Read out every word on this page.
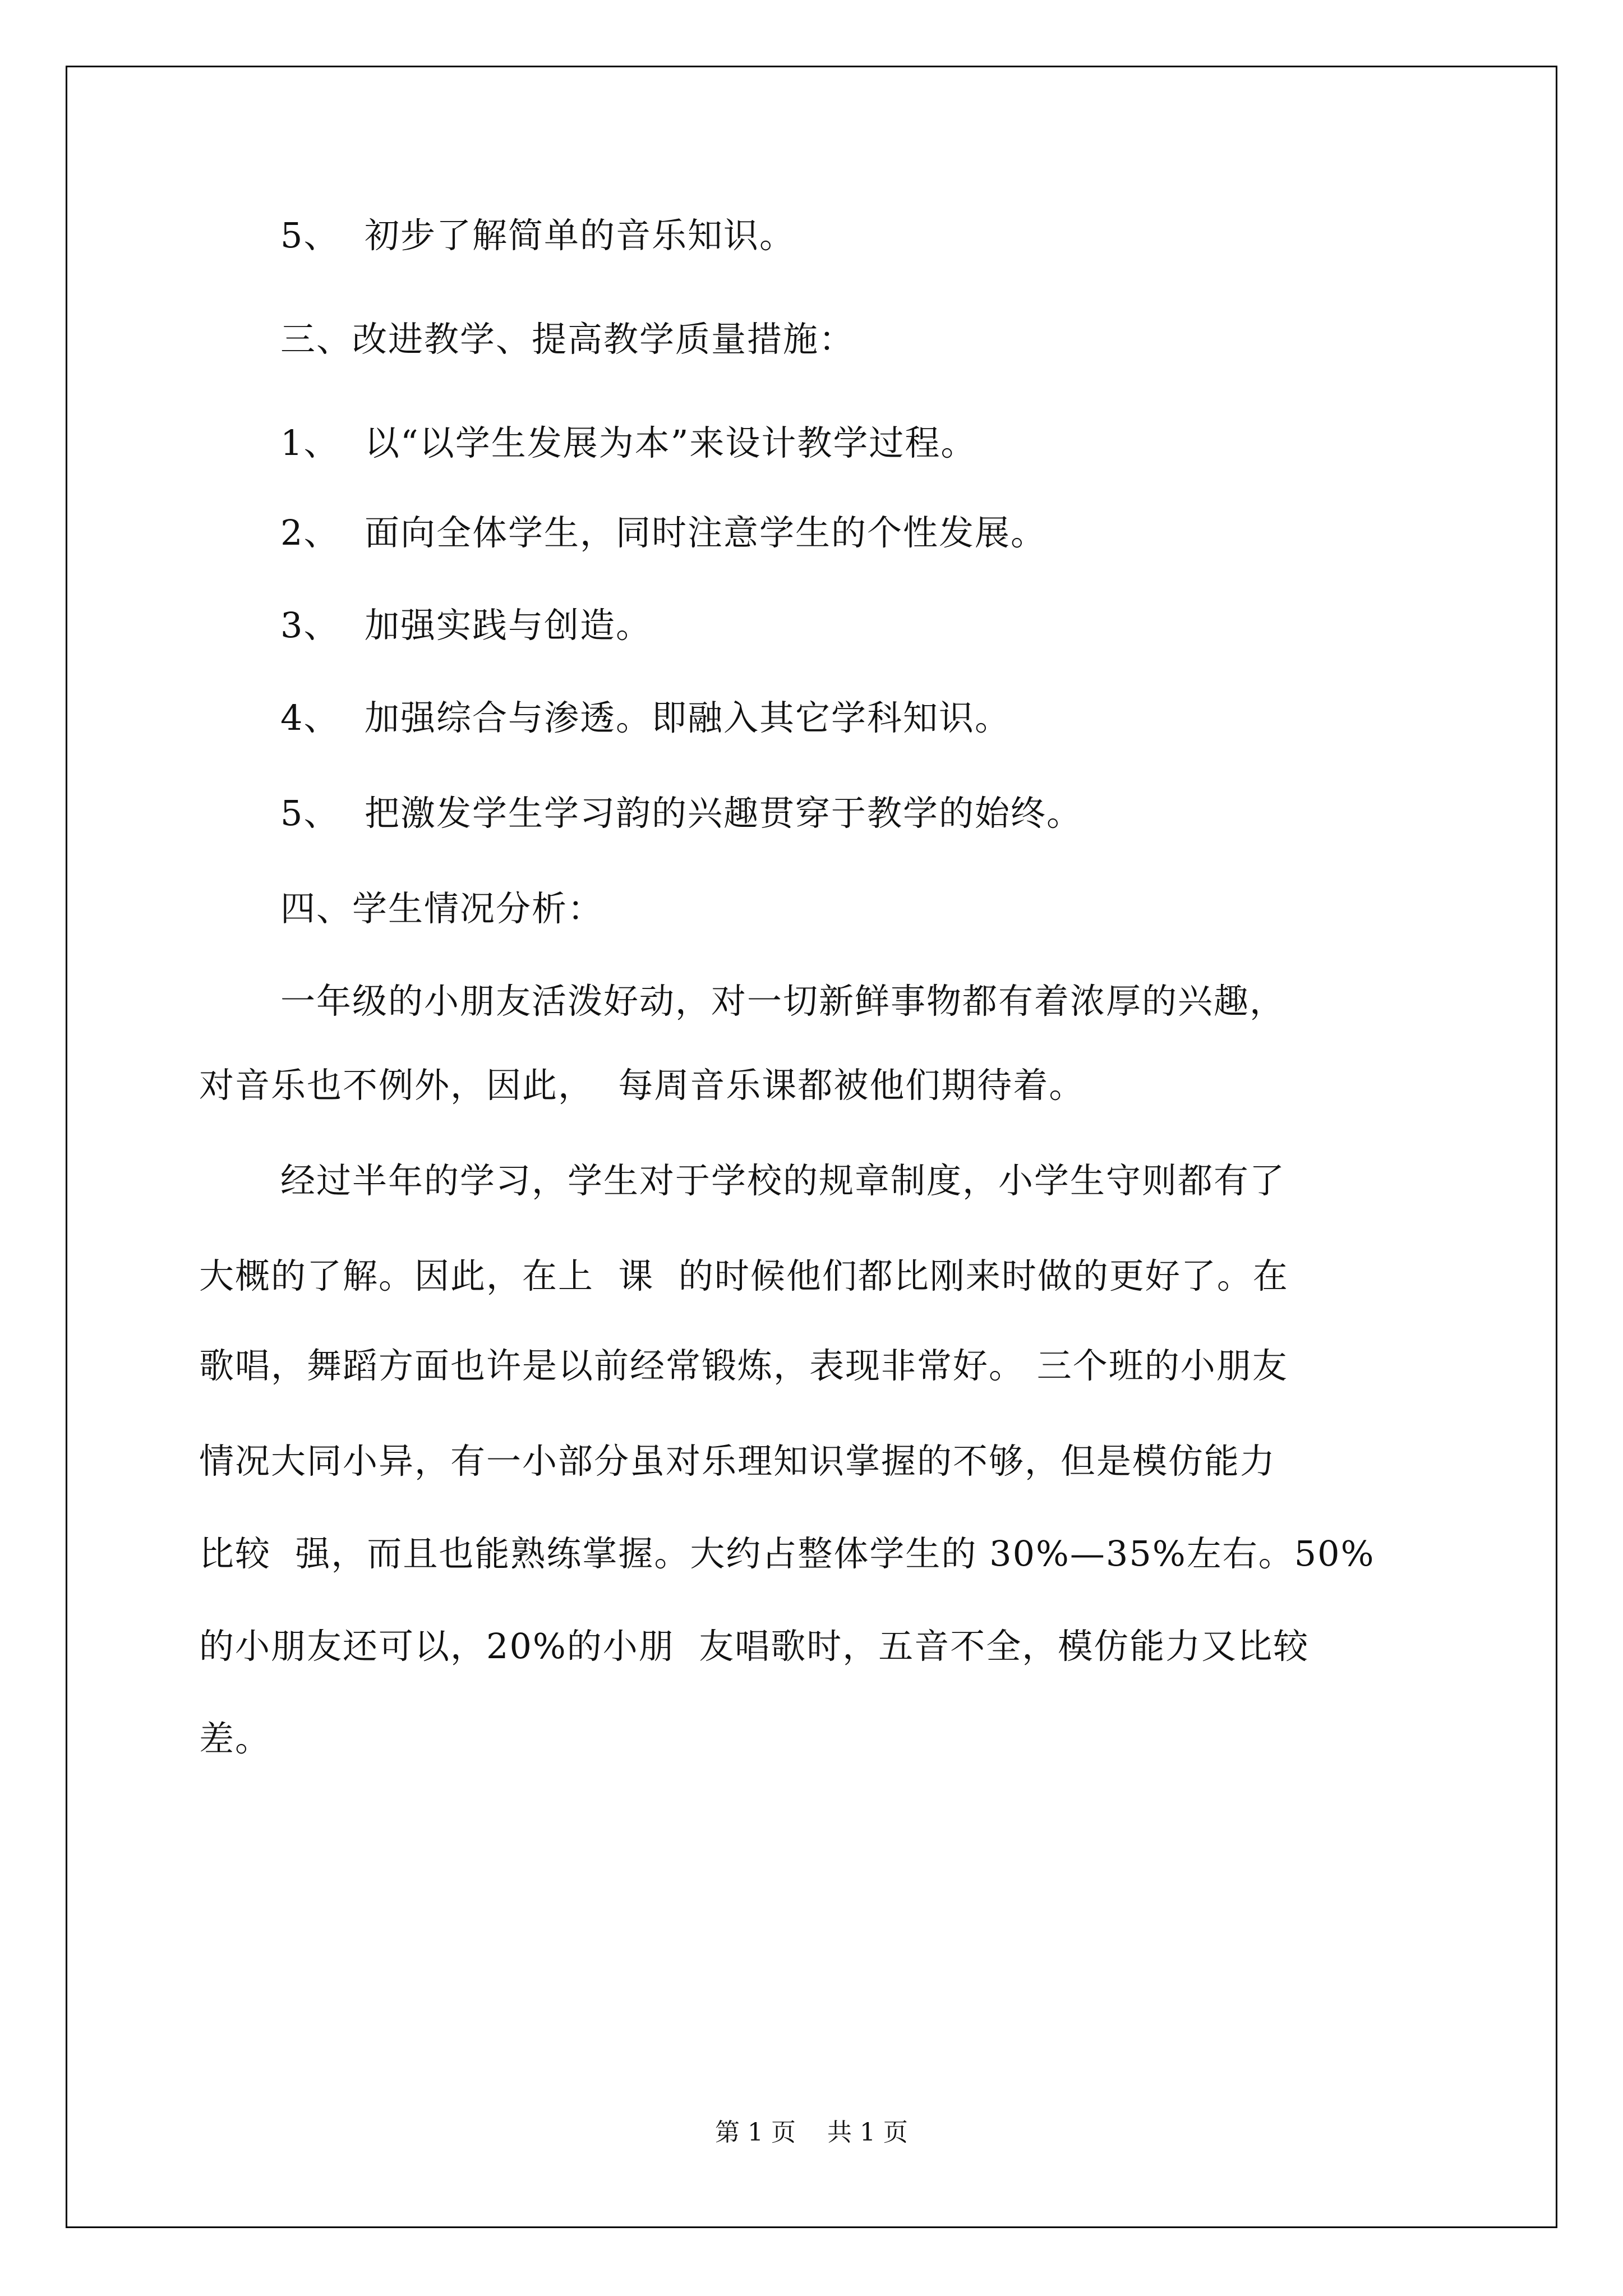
5、 初步了解简单的音乐知识。

三、改进教学、提高教学质量措施：

1、 以“以学生发展为本”来设计教学过程。

2、 面向全体学生，同时注意学生的个性发展。

3、 加强实践与创造。

4、 加强综合与渗透。即融入其它学科知识。

5、 把激发学生学习韵的兴趣贯穿于教学的始终。

四、学生情况分析：

一年级的小朋友活泼好动，对一切新鲜事物都有着浓厚的兴趣，

对音乐也不例外，因此，  每周音乐课都被他们期待着。

经过半年的学习，学生对于学校的规章制度，小学生守则都有了

大概的了解。因此，在上  课  的时候他们都比刚来时做的更好了。在

歌唱，舞蹈方面也许是以前经常锻炼，表现非常好。 三个班的小朋友

情况大同小异，有一小部分虽对乐理知识掌握的不够，但是模仿能力

比较  强，而且也能熟练掌握。大约占整体学生的 30%—35%左右。50%

的小朋友还可以，20%的小朋  友唱歌时，五音不全，模仿能力又比较

差。

第 1 页    共 1 页
